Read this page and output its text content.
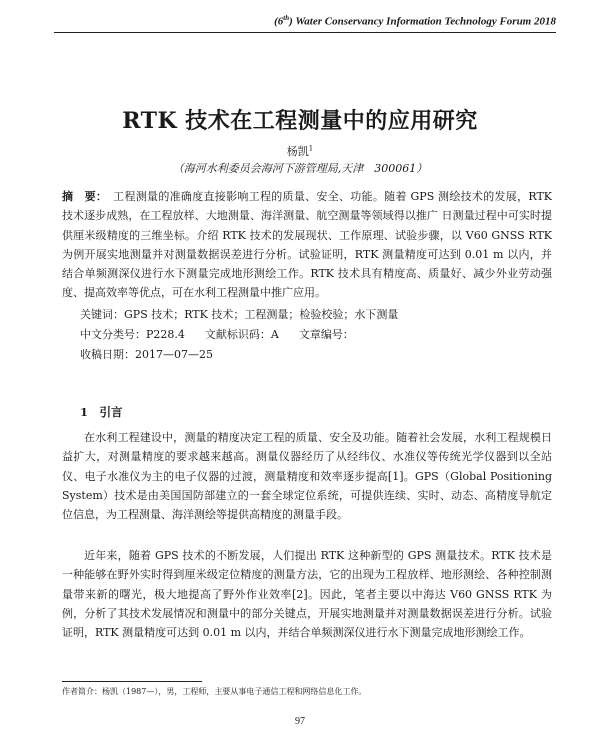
(6th) Water Conservancy Information Technology Forum 2018
RTK 技术在工程测量中的应用研究
杨凯$^1$
（海河水利委员会海河下游管理局,天津　300061）
摘　要： 工程测量的准确度直接影响工程的质量、安全、功能。随着 GPS 测绘技术的发展，RTK 技术逐步成熟，在工程放样、大地测量、海洋测量、航空测量等领域得以推广 日测量过程中可实时提供厘米级精度的三维坐标。介绍 RTK 技术的发展现状、工作原理、试验步骤，以 V60 GNSS RTK 为例开展实地测量并对测量数据误差进行分析。试验证明，RTK 测量精度可达到 0.01 m 以内，并结合单频测深仪进行水下测量完成地形测绘工作。RTK 技术具有精度高、质量好、减少外业劳动强度、提高效率等优点，可在水利工程测量中推广应用。
关键词：GPS 技术；RTK 技术；工程测量；检验校验；水下测量
中文分类号：P228.4 文献标识码：A 文章编号：
收稿日期：2017—07—25
1　引言
在水利工程建设中，测量的精度决定工程的质量、安全及功能。随着社会发展，水利工程规模日益扩大，对测量精度的要求越来越高。测量仪器经历了从经纬仪、水准仪等传统光学仪器到以全站仪、电子水准仪为主的电子仪器的过渡，测量精度和效率逐步提高[1]。GPS（Global Positioning System）技术是由美国国防部建立的一套全球定位系统，可提供连续、实时、动态、高精度导航定位信息，为工程测量、海洋测绘等提供高精度的测量手段。
近年来，随着 GPS 技术的不断发展，人们提出 RTK 这种新型的 GPS 测量技术。RTK 技术是一种能够在野外实时得到厘米级定位精度的测量方法，它的出现为工程放样、地形测绘、各种控制测量带来新的曙光，极大地提高了野外作业效率[2]。因此，笔者主要以中海达 V60 GNSS RTK 为例，分析了其技术发展情况和测量中的部分关键点，开展实地测量并对测量数据误差进行分析。试验证明，RTK 测量精度可达到 0.01 m 以内，并结合单频测深仪进行水下测量完成地形测绘工作。
作者简介：杨凯（1987—），男，工程师，主要从事电子通信工程和网络信息化工作。
97
